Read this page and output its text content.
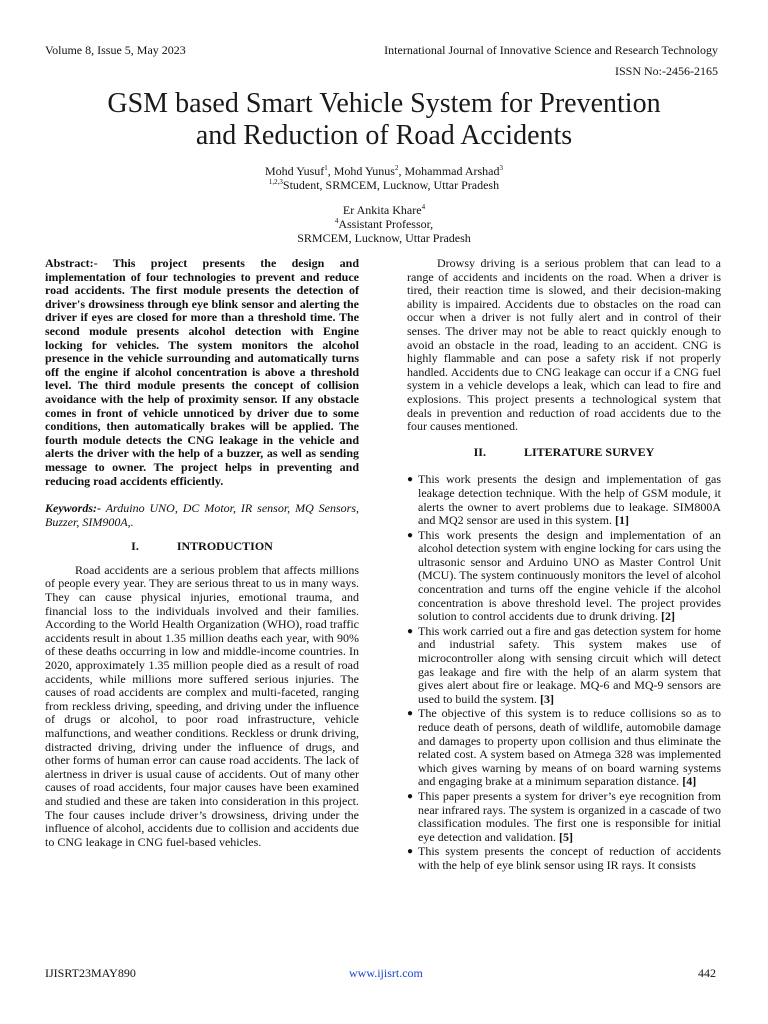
Volume 8, Issue 5, May 2023	International Journal of Innovative Science and Research Technology
ISSN No:-2456-2165
GSM based Smart Vehicle System for Prevention
and Reduction of Road Accidents
Mohd Yusuf$^1$, Mohd Yunus$^2$, Mohammad Arshad$^3$
$^{1,2,3}$Student, SRMCEM, Lucknow, Uttar Pradesh
Er Ankita Khare$^4$
$^4$Assistant Professor,
SRMCEM, Lucknow, Uttar Pradesh
Abstract:- This project presents the design and implementation of four technologies to prevent and reduce road accidents. The first module presents the detection of driver's drowsiness through eye blink sensor and alerting the driver if eyes are closed for more than a threshold time. The second module presents alcohol detection with Engine locking for vehicles. The system monitors the alcohol presence in the vehicle surrounding and automatically turns off the engine if alcohol concentration is above a threshold level. The third module presents the concept of collision avoidance with the help of proximity sensor. If any obstacle comes in front of vehicle unnoticed by driver due to some conditions, then automatically brakes will be applied. The fourth module detects the CNG leakage in the vehicle and alerts the driver with the help of a buzzer, as well as sending message to owner. The project helps in preventing and reducing road accidents efficiently.
Keywords:- Arduino UNO, DC Motor, IR sensor, MQ Sensors, Buzzer, SIM900A,.
I.	INTRODUCTION

Road accidents are a serious problem that affects millions of people every year. They are serious threat to us in many ways. They can cause physical injuries, emotional trauma, and financial loss to the individuals involved and their families. According to the World Health Organization (WHO), road traffic accidents result in about 1.35 million deaths each year, with 90% of these deaths occurring in low and middle-income countries. In 2020, approximately 1.35 million people died as a result of road accidents, while millions more suffered serious injuries. The causes of road accidents are complex and multi-faceted, ranging from reckless driving, speeding, and driving under the influence of drugs or alcohol, to poor road infrastructure, vehicle malfunctions, and weather conditions. Reckless or drunk driving, distracted driving, driving under the influence of drugs, and other forms of human error can cause road accidents. The lack of alertness in driver is usual cause of accidents. Out of many other causes of road accidents, four major causes have been examined and studied and these are taken into consideration in this project. The four causes include driver’s drowsiness, driving under the influence of alcohol, accidents due to collision and accidents due to CNG leakage in CNG fuel-based vehicles.

Drowsy driving is a serious problem that can lead to a range of accidents and incidents on the road. When a driver is tired, their reaction time is slowed, and their decision-making ability is impaired. Accidents due to obstacles on the road can occur when a driver is not fully alert and in control of their senses. The driver may not be able to react quickly enough to avoid an obstacle in the road, leading to an accident. CNG is highly flammable and can pose a safety risk if not properly handled. Accidents due to CNG leakage can occur if a CNG fuel system in a vehicle develops a leak, which can lead to fire and explosions. This project presents a technological system that deals in prevention and reduction of road accidents due to the four causes mentioned.

II.	LITERATURE SURVEY
● This work presents the design and implementation of gas leakage detection technique. With the help of GSM module, it alerts the owner to avert problems due to leakage. SIM800A and MQ2 sensor are used in this system. [1]
● This work presents the design and implementation of an alcohol detection system with engine locking for cars using the ultrasonic sensor and Arduino UNO as Master Control Unit (MCU). The system continuously monitors the level of alcohol concentration and turns off the engine vehicle if the alcohol concentration is above threshold level. The project provides solution to control accidents due to drunk driving. [2]
● This work carried out a fire and gas detection system for home and industrial safety. This system makes use of microcontroller along with sensing circuit which will detect gas leakage and fire with the help of an alarm system that gives alert about fire or leakage. MQ-6 and MQ-9 sensors are used to build the system. [3]
● The objective of this system is to reduce collisions so as to reduce death of persons, death of wildlife, automobile damage and damages to property upon collision and thus eliminate the related cost. A system based on Atmega 328 was implemented which gives warning by means of on board warning systems and engaging brake at a minimum separation distance. [4]
● This paper presents a system for driver’s eye recognition from near infrared rays. The system is organized in a cascade of two classification modules. The first one is responsible for initial eye detection and validation. [5]
● This system presents the concept of reduction of accidents with the help of eye blink sensor using IR rays. It consists
IJISRT23MAY890	www.ijisrt.com	442
